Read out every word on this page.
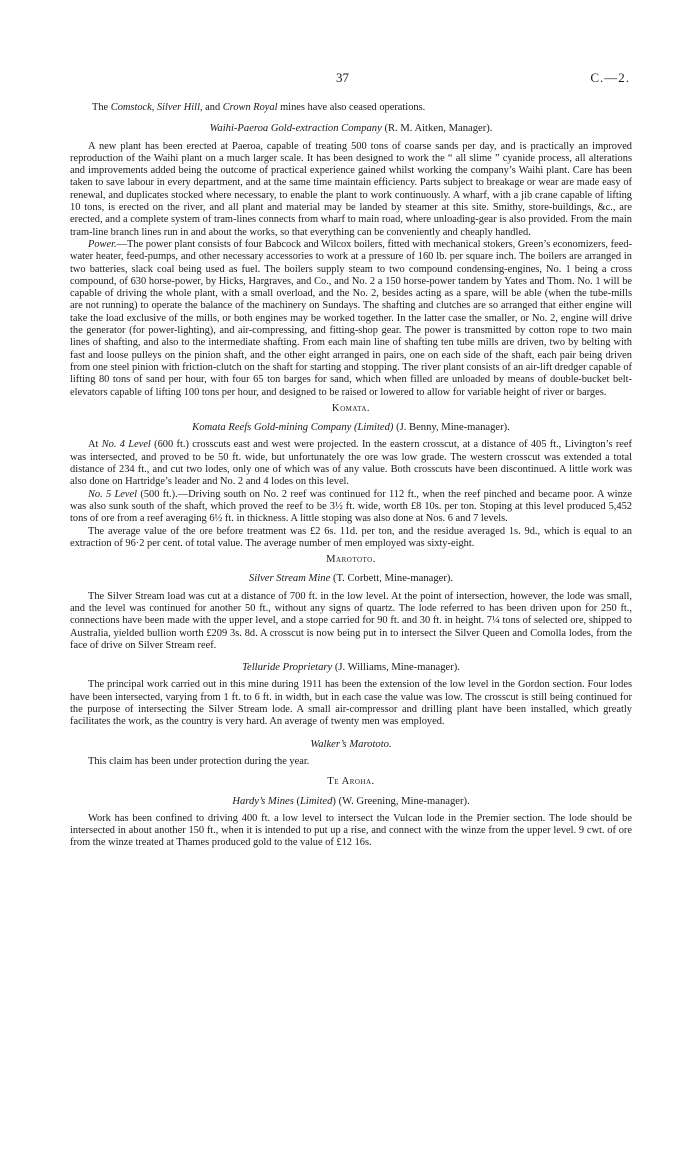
37	C.—2.

The Comstock, Silver Hill, and Crown Royal mines have also ceased operations.

Waihi-Paeroa Gold-extraction Company (R. M. Aitken, Manager).

A new plant has been erected at Paeroa, capable of treating 500 tons of coarse sands per day, and is practically an improved reproduction of the Waihi plant on a much larger scale. It has been designed to work the “ all slime ” cyanide process, all alterations and improvements added being the outcome of practical experience gained whilst working the company’s Waihi plant. Care has been taken to save labour in every department, and at the same time maintain efficiency. Parts subject to breakage or wear are made easy of renewal, and duplicates stocked where necessary, to enable the plant to work continuously. A wharf, with a jib crane capable of lifting 10 tons, is erected on the river, and all plant and material may be landed by steamer at this site. Smithy, store-buildings, &c., are erected, and a complete system of tram-lines connects from wharf to main road, where unloading-gear is also provided. From the main tram-line branch lines run in and about the works, so that everything can be conveniently and cheaply handled.

Power.—The power plant consists of four Babcock and Wilcox boilers, fitted with mechanical stokers, Green’s economizers, feed-water heater, feed-pumps, and other necessary accessories to work at a pressure of 160 lb. per square inch. The boilers are arranged in two batteries, slack coal being used as fuel. The boilers supply steam to two compound condensing-engines, No. 1 being a cross compound, of 630 horse-power, by Hicks, Hargraves, and Co., and No. 2 a 150 horse-power tandem by Yates and Thom. No. 1 will be capable of driving the whole plant, with a small overload, and the No. 2, besides acting as a spare, will be able (when the tube-mills are not running) to operate the balance of the machinery on Sundays. The shafting and clutches are so arranged that either engine will take the load exclusive of the mills, or both engines may be worked together. In the latter case the smaller, or No. 2, engine will drive the generator (for power-lighting), and air-compressing, and fitting-shop gear. The power is transmitted by cotton rope to two main lines of shafting, and also to the intermediate shafting. From each main line of shafting ten tube mills are driven, two by belting with fast and loose pulleys on the pinion shaft, and the other eight arranged in pairs, one on each side of the shaft, each pair being driven from one steel pinion with friction-clutch on the shaft for starting and stopping. The river plant consists of an air-lift dredger capable of lifting 80 tons of sand per hour, with four 65 ton barges for sand, which when filled are unloaded by means of double-bucket belt-elevators capable of lifting 100 tons per hour, and designed to be raised or lowered to allow for variable height of river or barges.

Komata.
Komata Reefs Gold-mining Company (Limited) (J. Benny, Mine-manager).

At No. 4 Level (600 ft.) crosscuts east and west were projected. In the eastern crosscut, at a distance of 405 ft., Livington’s reef was intersected, and proved to be 50 ft. wide, but unfortunately the ore was low grade. The western crosscut was extended a total distance of 234 ft., and cut two lodes, only one of which was of any value. Both crosscuts have been discontinued. A little work was also done on Hartridge’s leader and No. 2 and 4 lodes on this level.

No. 5 Level (500 ft.).—Driving south on No. 2 reef was continued for 112 ft., when the reef pinched and became poor. A winze was also sunk south of the shaft, which proved the reef to be 3½ ft. wide, worth £8 10s. per ton. Stoping at this level produced 5,452 tons of ore from a reef averaging 6½ ft. in thickness. A little stoping was also done at Nos. 6 and 7 levels.

The average value of the ore before treatment was £2 6s. 11d. per ton, and the residue averaged 1s. 9d., which is equal to an extraction of 96·2 per cent. of total value. The average number of men employed was sixty-eight.

Marototo.
Silver Stream Mine (T. Corbett, Mine-manager).

The Silver Stream load was cut at a distance of 700 ft. in the low level. At the point of intersection, however, the lode was small, and the level was continued for another 50 ft., without any signs of quartz. The lode referred to has been driven upon for 250 ft., connections have been made with the upper level, and a stope carried for 90 ft. and 30 ft. in height. 7¼ tons of selected ore, shipped to Australia, yielded bullion worth £209 3s. 8d. A crosscut is now being put in to intersect the Silver Queen and Comolla lodes, from the face of drive on Silver Stream reef.

Telluride Proprietary (J. Williams, Mine-manager).

The principal work carried out in this mine during 1911 has been the extension of the low level in the Gordon section. Four lodes have been intersected, varying from 1 ft. to 6 ft. in width, but in each case the value was low. The crosscut is still being continued for the purpose of intersecting the Silver Stream lode. A small air-compressor and drilling plant have been installed, which greatly facilitates the work, as the country is very hard. An average of twenty men was employed.

Walker’s Marototo.

This claim has been under protection during the year.

Te Aroha.
Hardy’s Mines (Limited) (W. Greening, Mine-manager).

Work has been confined to driving 400 ft. a low level to intersect the Vulcan lode in the Premier section. The lode should be intersected in about another 150 ft., when it is intended to put up a rise, and connect with the winze from the upper level. 9 cwt. of ore from the winze treated at Thames produced gold to the value of £12 16s.
